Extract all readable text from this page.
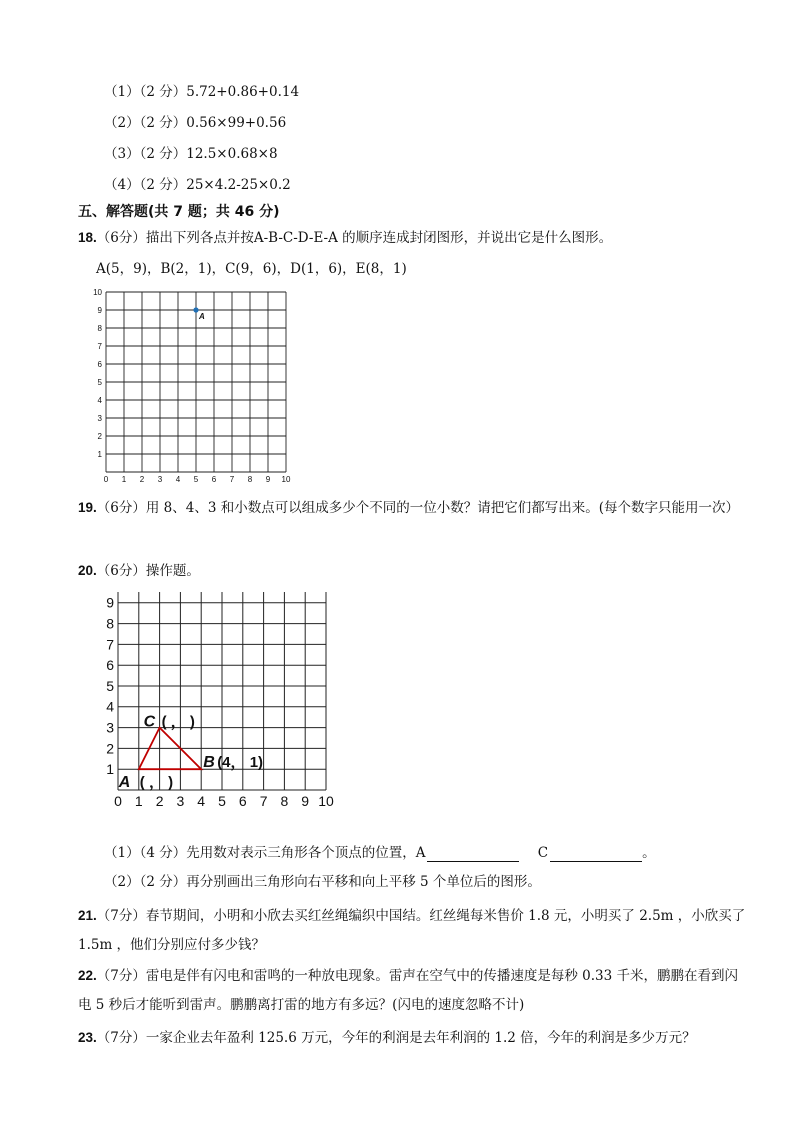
（1）（2 分）5.72+0.86+0.14
（2）（2 分）0.56×99+0.56
（3）（2 分）12.5×0.68×8
（4）（2 分）25×4.2-25×0.2
五、解答题(共 7 题；共 46 分)
18.（6分）描出下列各点并按A-B-C-D-E-A 的顺序连成封闭图形，并说出它是什么图形。
A(5，9)，B(2，1)，C(9，6)，D(1，6)，E(8，1)
0 1
1
2
2
3
3
4
4
5
5
6
6
7
7
8
8
9
9
10
10
A
19.（6分）用 8、4、3 和小数点可以组成多少个不同的一位小数？请把它们都写出来。(每个数字只能用一次）
20.（6分）操作题。
0 1
1
2
2
3
3
4
4
5
5
6
6
7
7
8
8
9
9
10
A ( ， )
B (4， 1)
C ( ， )
（1）（4 分）先用数对表示三角形各个顶点的位置，A	C	。
（2）（2 分）再分别画出三角形向右平移和向上平移 5 个单位后的图形。
21.（7分）春节期间，小明和小欣去买红丝绳编织中国结。红丝绳每米售价 1.8 元，小明买了 2.5m ，小欣买了 1.5m ，他们分别应付多少钱？
22.（7分）雷电是伴有闪电和雷鸣的一种放电现象。雷声在空气中的传播速度是每秒 0.33 千米，鹏鹏在看到闪电 5 秒后才能听到雷声。鹏鹏离打雷的地方有多远？(闪电的速度忽略不计)
23.（7分）一家企业去年盈利 125.6 万元，今年的利润是去年利润的 1.2 倍，今年的利润是多少万元？
